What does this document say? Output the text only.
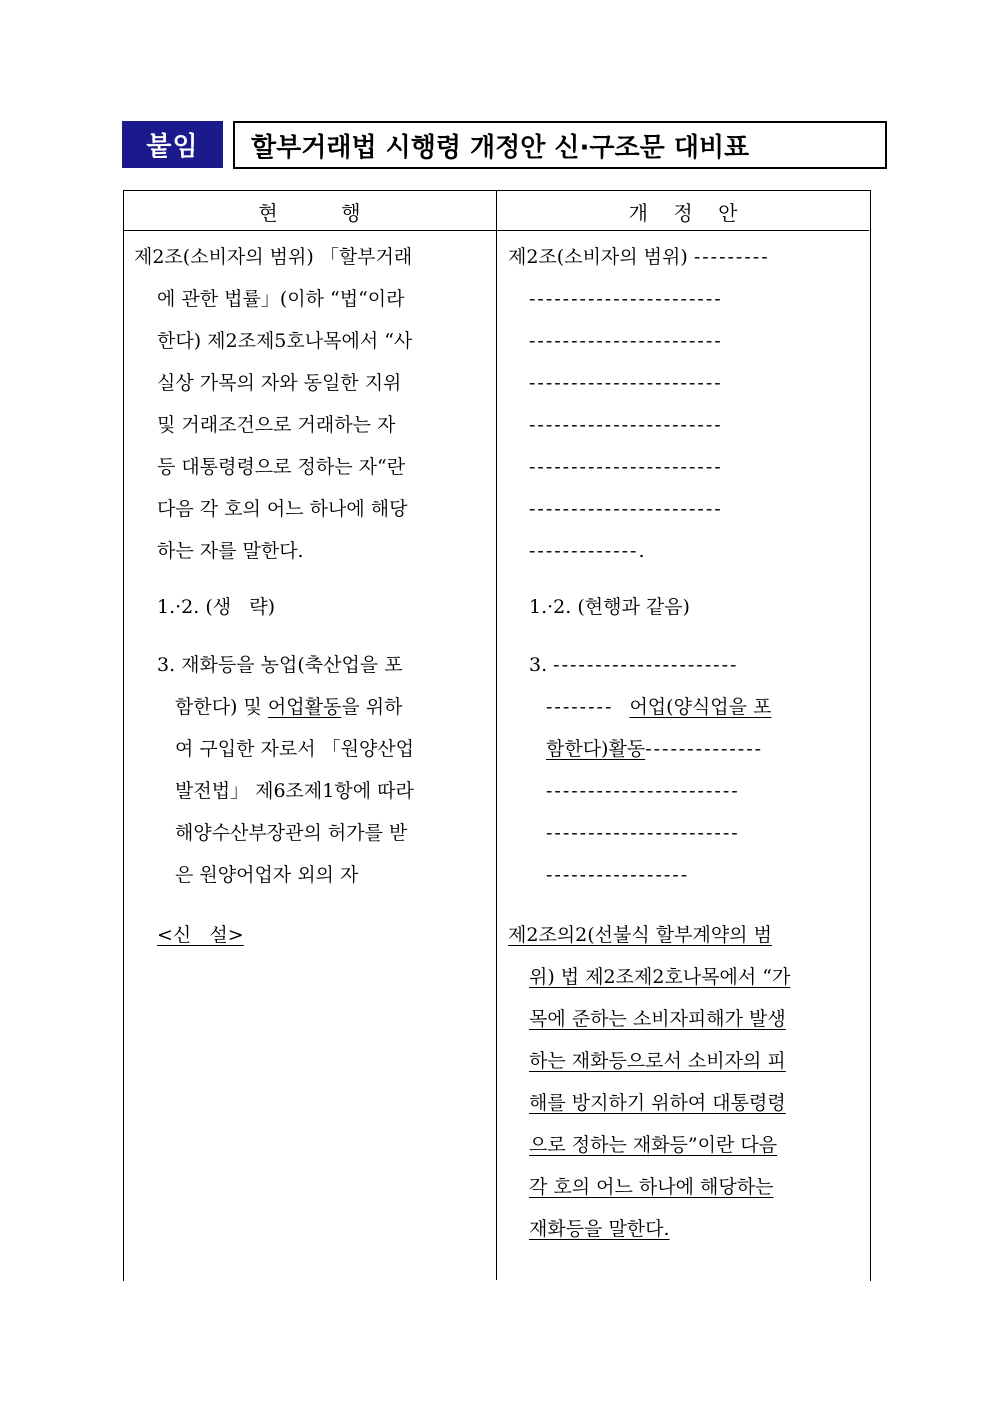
붙임 할부거래법 시행령 개정안 신·구조문 대비표
현          행	개    정    안
제2조(소비자의 범위) 「할부거래
에 관한 법률」(이하 “법“이라
한다) 제2조제5호나목에서 “사
실상 가목의 자와 동일한 지위
및 거래조건으로 거래하는 자
등 대통령령으로 정하는 자“란
다음 각 호의 어느 하나에 해당
하는 자를 말한다.
1.·2. (생   략)
3. 재화등을 농업(축산업을 포
함한다) 및 어업활동을 위하
여 구입한 자로서 「원양산업
발전법」 제6조제1항에 따라
해양수산부장관의 허가를 받
은 원양어업자 외의 자
<신   설>
제2조(소비자의 범위) ---------
-----------------------
-----------------------
-----------------------
-----------------------
-----------------------
-----------------------
-------------.
1.·2. (현행과 같음)
3. ----------------------
--------  어업(양식업을 포
함한다)활동--------------
-----------------------
-----------------------
-----------------
제2조의2(선불식 할부계약의 범
위) 법 제2조제2호나목에서 “가
목에 준하는 소비자피해가 발생
하는 재화등으로서 소비자의 피
해를 방지하기 위하여 대통령령
으로 정하는 재화등”이란 다음
각 호의 어느 하나에 해당하는
재화등을 말한다.
